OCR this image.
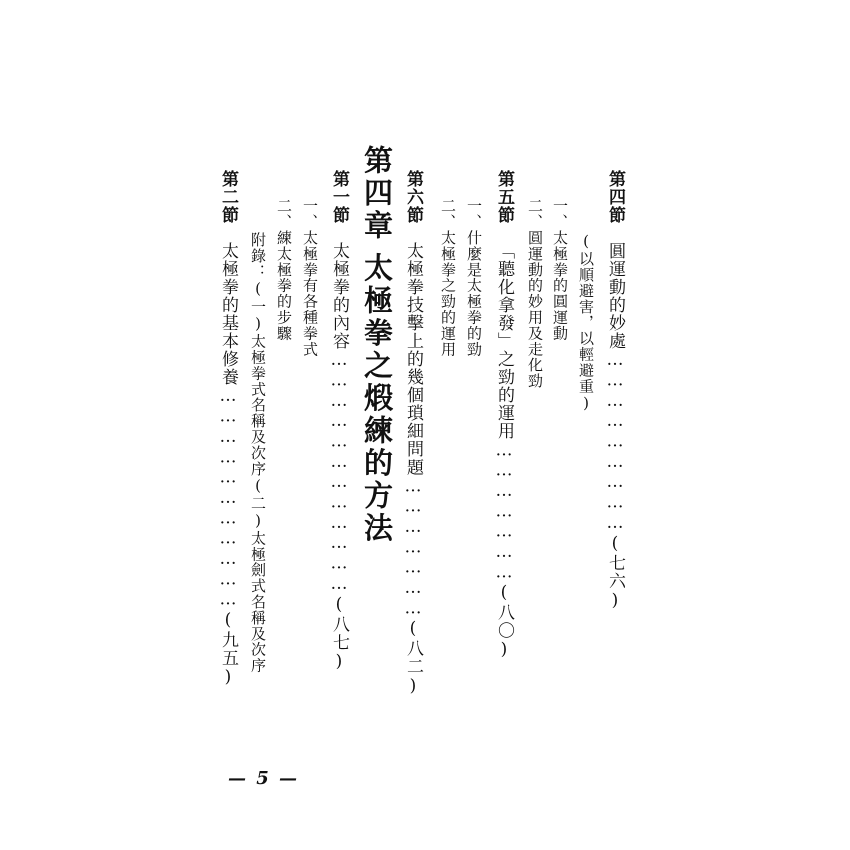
第四節圓運動的妙處………………………(七六)
(以順避害，以輕避重)
一、太極拳的圓運動
二、圓運動的妙用及走化勁
第五節「聽化拿發」之勁的運用…………………(八〇)
一、什麼是太極拳的勁
二、太極拳之勁的運用
第六節太極拳技擊上的幾個瑣細問題…………………(八二)
第四章太極拳之煅練的方法
第一節太極拳的內容………………………………(八七)
一、太極拳有各種拳式
二、練太極拳的步驟
附錄：(一)太極拳式名稱及次序(二)太極劍式名稱及次序
第二節太極拳的基本修養……………………………(九五)
— 5 —
